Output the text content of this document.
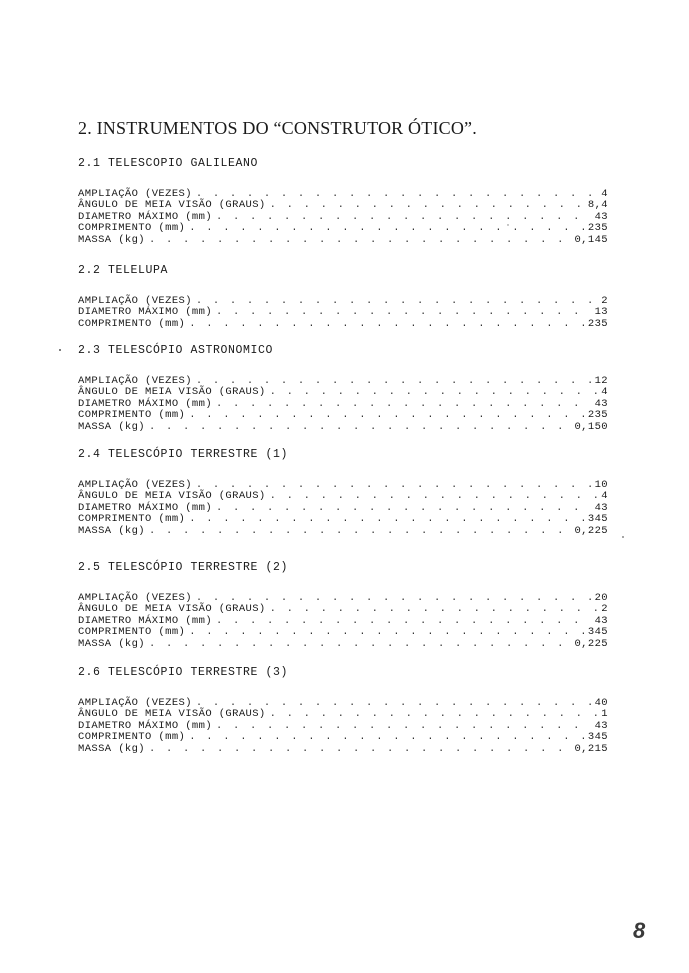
2. INSTRUMENTOS DO “CONSTRUTOR ÓTICO”.
2.1 TELESCOPIO GALILEANO
AMPLIAÇÃO (VEZES) . . .	4
ÂNGULO DE MEIA VISÃO (GRAUS) . . .	8,4
DIAMETRO MÁXIMO (mm) . . .	43
COMPRIMENTO (mm) . . .	235
MASSA (kg) . . .	0,145
2.2 TELELUPA
AMPLIAÇÃO (VEZES) . . .	2
DIAMETRO MÁXIMO (mm) . . .	13
COMPRIMENTO (mm) . . .	235
2.3 TELESCÓPIO ASTRONOMICO
AMPLIAÇÃO (VEZES) . . .	12
ÂNGULO DE MEIA VISÃO (GRAUS) . . .	4
DIAMETRO MÁXIMO (mm) . . .	43
COMPRIMENTO (mm) . . .	235
MASSA (kg) . . .	0,150
2.4 TELESCÓPIO TERRESTRE (1)
AMPLIAÇÃO (VEZES) . . .	10
ÂNGULO DE MEIA VISÃO (GRAUS) . . .	4
DIAMETRO MÁXIMO (mm) . . .	43
COMPRIMENTO (mm) . . .	345
MASSA (kg) . . .	0,225
2.5 TELESCÓPIO TERRESTRE (2)
AMPLIAÇÃO (VEZES) . . .	20
ÂNGULO DE MEIA VISÃO (GRAUS) . . .	2
DIAMETRO MÁXIMO (mm) . . .	43
COMPRIMENTO (mm) . . .	345
MASSA (kg) . . .	0,225
2.6 TELESCÓPIO TERRESTRE (3)
AMPLIAÇÃO (VEZES) . . .	40
ÂNGULO DE MEIA VISÃO (GRAUS) . . .	1
DIAMETRO MÁXIMO (mm) . . .	43
COMPRIMENTO (mm) . . .	345
MASSA (kg) . . .	0,215
8
